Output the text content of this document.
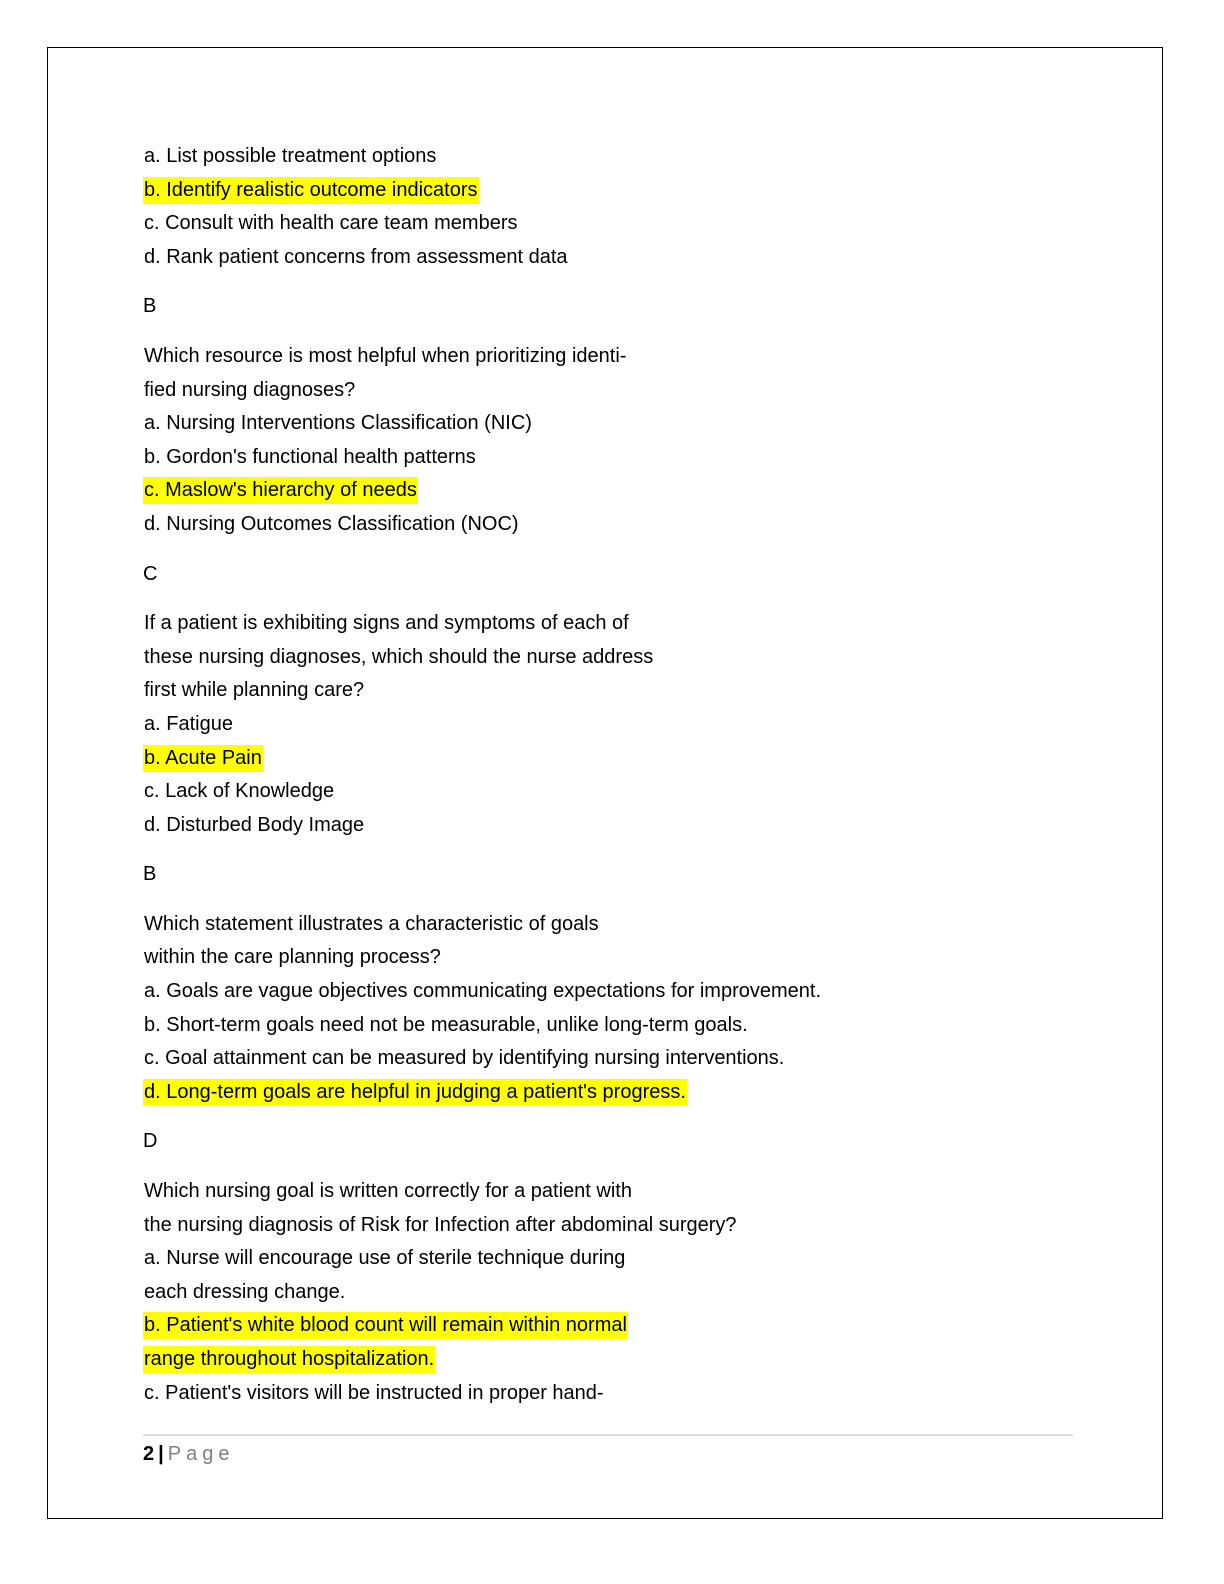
a. List possible treatment options
b. Identify realistic outcome indicators
c. Consult with health care team members
d. Rank patient concerns from assessment data
B
Which resource is most helpful when prioritizing identi-
fied nursing diagnoses?
a. Nursing Interventions Classification (NIC)
b. Gordon's functional health patterns
c. Maslow's hierarchy of needs
d. Nursing Outcomes Classification (NOC)
C
If a patient is exhibiting signs and symptoms of each of
these nursing diagnoses, which should the nurse address
first while planning care?
a. Fatigue
b. Acute Pain
c. Lack of Knowledge
d. Disturbed Body Image
B
Which statement illustrates a characteristic of goals
within the care planning process?
a. Goals are vague objectives communicating expectations for improvement.
b. Short-term goals need not be measurable, unlike long-term goals.
c. Goal attainment can be measured by identifying nursing interventions.
d. Long-term goals are helpful in judging a patient's progress.
D
Which nursing goal is written correctly for a patient with
the nursing diagnosis of Risk for Infection after abdominal surgery?
a. Nurse will encourage use of sterile technique during
each dressing change.
b. Patient's white blood count will remain within normal
range throughout hospitalization.
c. Patient's visitors will be instructed in proper hand-
2 | Page
